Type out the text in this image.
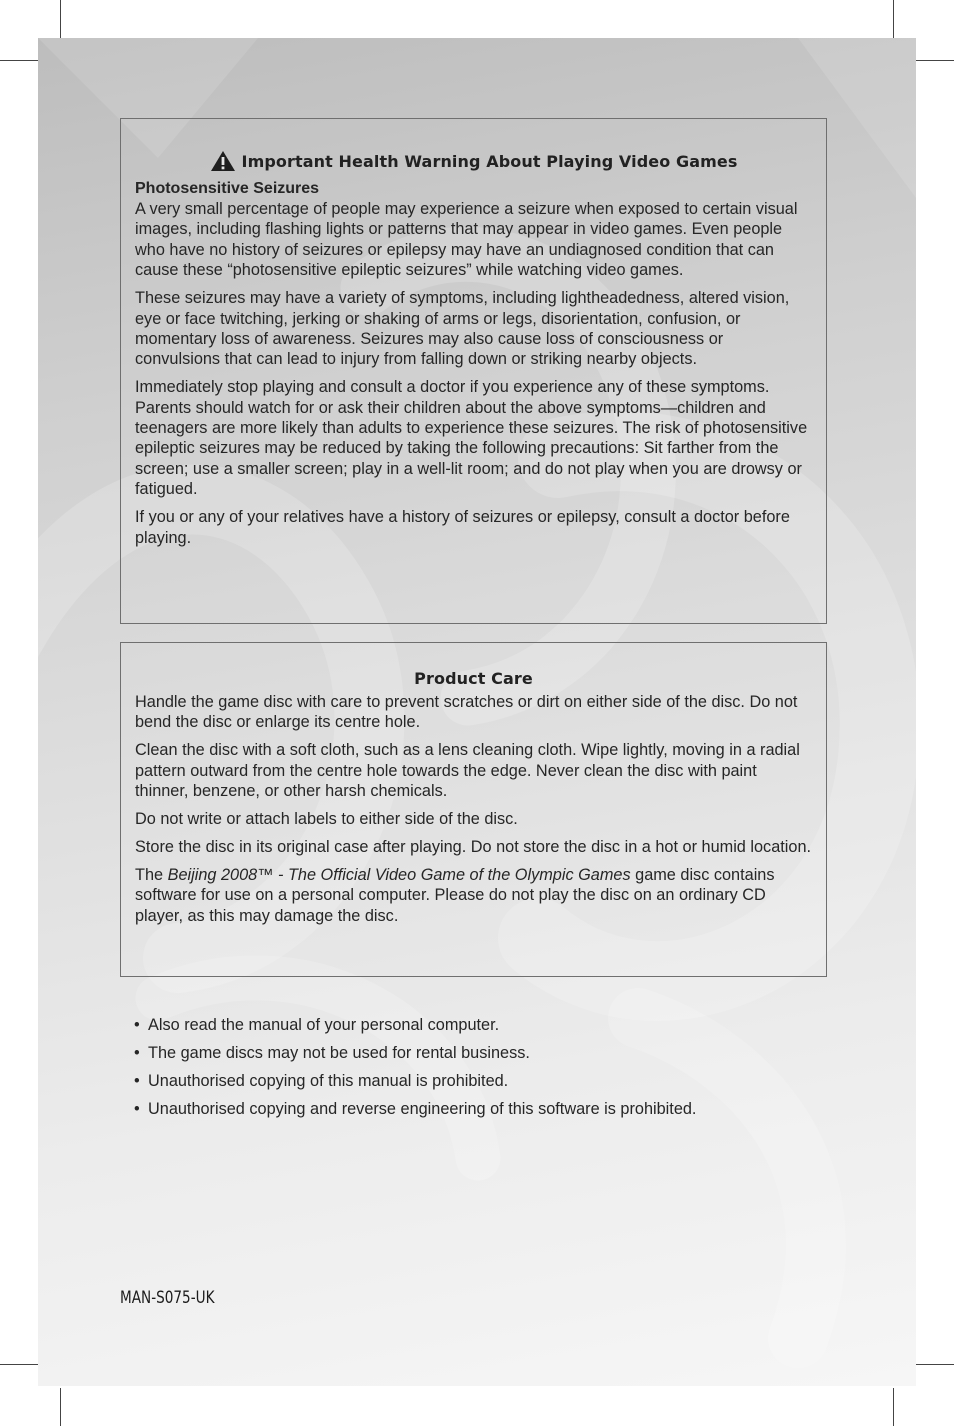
Important Health Warning About Playing Video Games
Photosensitive Seizures

A very small percentage of people may experience a seizure when exposed to certain visual images, including flashing lights or patterns that may appear in video games. Even people who have no history of seizures or epilepsy may have an undiagnosed condition that can cause these “photosensitive epileptic seizures” while watching video games.

These seizures may have a variety of symptoms, including lightheadedness, altered vision, eye or face twitching, jerking or shaking of arms or legs, disorientation, confusion, or momentary loss of awareness. Seizures may also cause loss of consciousness or convulsions that can lead to injury from falling down or striking nearby objects.

Immediately stop playing and consult a doctor if you experience any of these symptoms. Parents should watch for or ask their children about the above symptoms—children and teenagers are more likely than adults to experience these seizures. The risk of photosensitive epileptic seizures may be reduced by taking the following precautions: Sit farther from the screen; use a smaller screen; play in a well-lit room; and do not play when you are drowsy or fatigued.

If you or any of your relatives have a history of seizures or epilepsy, consult a doctor before playing.

Product Care

Handle the game disc with care to prevent scratches or dirt on either side of the disc. Do not bend the disc or enlarge its centre hole.

Clean the disc with a soft cloth, such as a lens cleaning cloth. Wipe lightly, moving in a radial pattern outward from the centre hole towards the edge. Never clean the disc with paint thinner, benzene, or other harsh chemicals.

Do not write or attach labels to either side of the disc.

Store the disc in its original case after playing. Do not store the disc in a hot or humid location.

The Beijing 2008™ - The Official Video Game of the Olympic Games game disc contains software for use on a personal computer. Please do not play the disc on an ordinary CD player, as this may damage the disc.

• Also read the manual of your personal computer.
• The game discs may not be used for rental business.
• Unauthorised copying of this manual is prohibited.
• Unauthorised copying and reverse engineering of this software is prohibited.
MAN-S075-UK
